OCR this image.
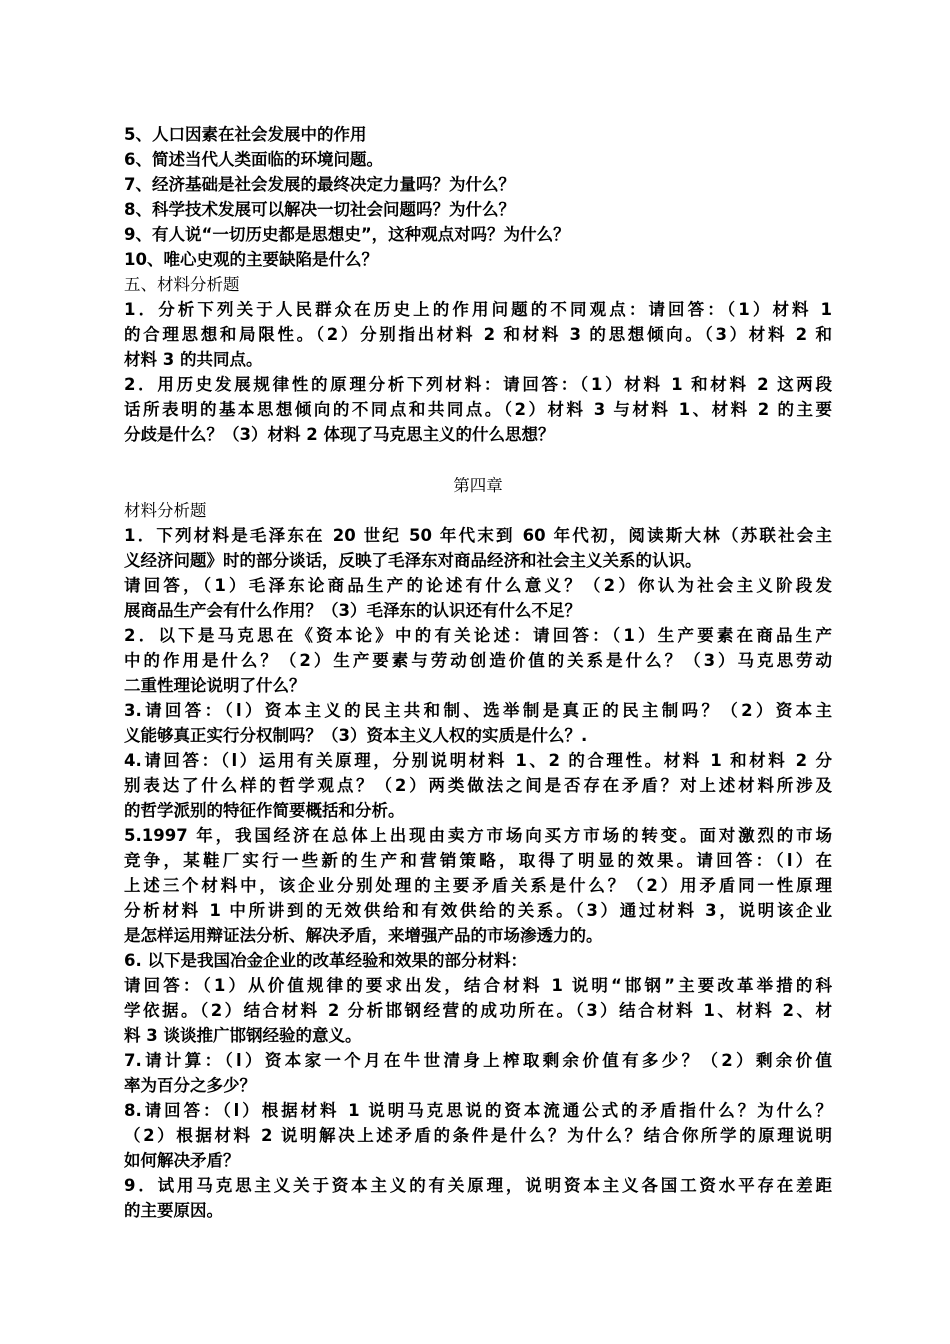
5、人口因素在社会发展中的作用
6、简述当代人类面临的环境问题。
7、经济基础是社会发展的最终决定力量吗？为什么？
8、科学技术发展可以解决一切社会问题吗？为什么？
9、有人说“一切历史都是思想史”，这种观点对吗？为什么？
10、唯心史观的主要缺陷是什么？
五、材料分析题
1．分析下列关于人民群众在历史上的作用问题的不同观点：请回答：（1）材料 1
的合理思想和局限性。（2）分别指出材料 2 和材料 3 的思想倾向。（3）材料 2 和
材料 3 的共同点。
2．用历史发展规律性的原理分析下列材料：请回答：（1）材料 1 和材料 2 这两段
话所表明的基本思想倾向的不同点和共同点。（2）材料 3 与材料 1、材料 2 的主要
分歧是什么？（3）材料 2 体现了马克思主义的什么思想？
第四章
材料分析题
1．下列材料是毛泽东在 20 世纪 50 年代末到 60 年代初，阅读斯大林（苏联社会主
义经济问题》时的部分谈话，反映了毛泽东对商品经济和社会主义关系的认识。
请回答，（1）毛泽东论商品生产的论述有什么意义？（2）你认为社会主义阶段发
展商品生产会有什么作用？（3）毛泽东的认识还有什么不足？
2．以下是马克思在《资本论》中的有关论述：请回答：（1）生产要素在商品生产
中的作用是什么？（2）生产要素与劳动创造价值的关系是什么？（3）马克思劳动
二重性理论说明了什么？
3.请回答：（l）资本主义的民主共和制、选举制是真正的民主制吗？（2）资本主
义能够真正实行分权制吗？（3）资本主义人权的实质是什么？.
4.请回答：（l）运用有关原理，分别说明材料 1、2 的合理性。材料 1 和材料 2 分
别表达了什么样的哲学观点？（2）两类做法之间是否存在矛盾？对上述材料所涉及
的哲学派别的特征作简要概括和分析。
5.1997 年，我国经济在总体上出现由卖方市场向买方市场的转变。面对激烈的市场
竞争，某鞋厂实行一些新的生产和营销策略，取得了明显的效果。请回答：（l）在
上述三个材料中，该企业分别处理的主要矛盾关系是什么？（2）用矛盾同一性原理
分析材料 1 中所讲到的无效供给和有效供给的关系。（3）通过材料 3，说明该企业
是怎样运用辩证法分析、解决矛盾，来增强产品的市场渗透力的。
6. 以下是我国冶金企业的改革经验和效果的部分材料：
请回答：（1）从价值规律的要求出发，结合材料 1 说明“邯钢”主要改革举措的科
学依据。（2）结合材料 2 分析邯钢经营的成功所在。（3）结合材料 1、材料 2、材
料 3 谈谈推广邯钢经验的意义。
7.请计算：（l）资本家一个月在牛世清身上榨取剩余价值有多少？（2）剩余价值
率为百分之多少？
8.请回答：（l）根据材料 1 说明马克思说的资本流通公式的矛盾指什么？为什么？
（2）根据材料 2 说明解决上述矛盾的条件是什么？为什么？结合你所学的原理说明
如何解决矛盾？
9．试用马克思主义关于资本主义的有关原理，说明资本主义各国工资水平存在差距
的主要原因。
